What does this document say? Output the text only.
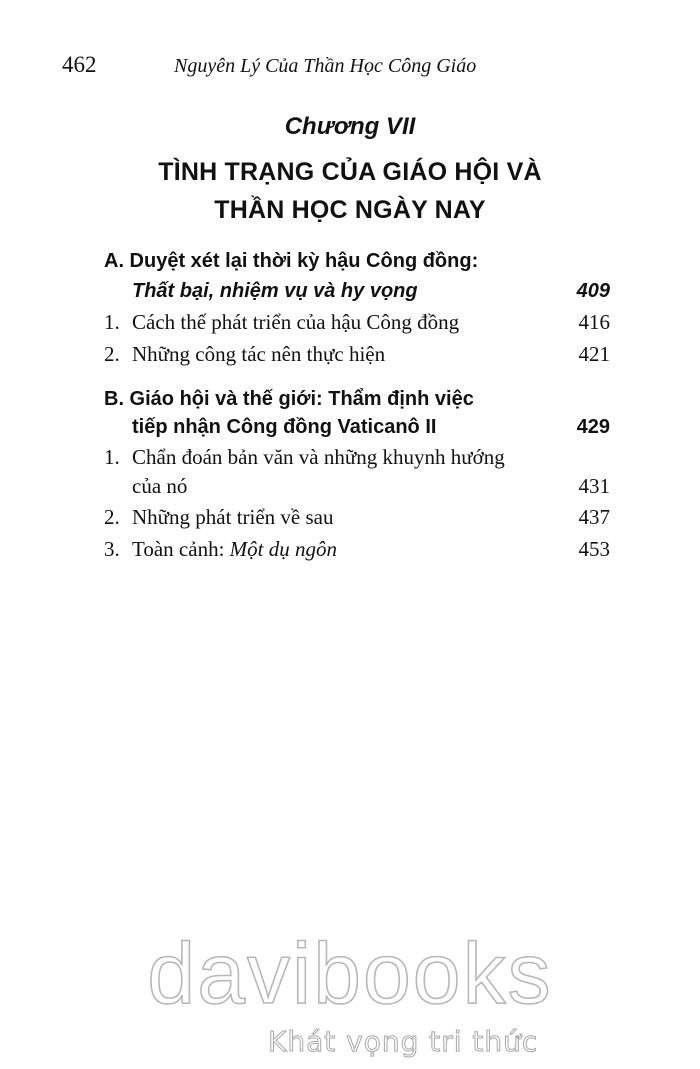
462	Nguyên Lý Của Thần Học Công Giáo
Chương VII
TÌNH TRẠNG CỦA GIÁO HỘI VÀ
THẦN HỌC NGÀY NAY
A. Duyệt xét lại thời kỳ hậu Công đồng:
Thất bại, nhiệm vụ và hy vọng	409
1. Cách thế phát triển của hậu Công đồng	416
2. Những công tác nên thực hiện	421
B. Giáo hội và thế giới: Thẩm định việc
tiếp nhận Công đồng Vaticanô II	429
1. Chẩn đoán bản văn và những khuynh hướng
của nó	431
2. Những phát triển về sau	437
3. Toàn cảnh: Một dụ ngôn	453
davibooks
Khát vọng tri thức
